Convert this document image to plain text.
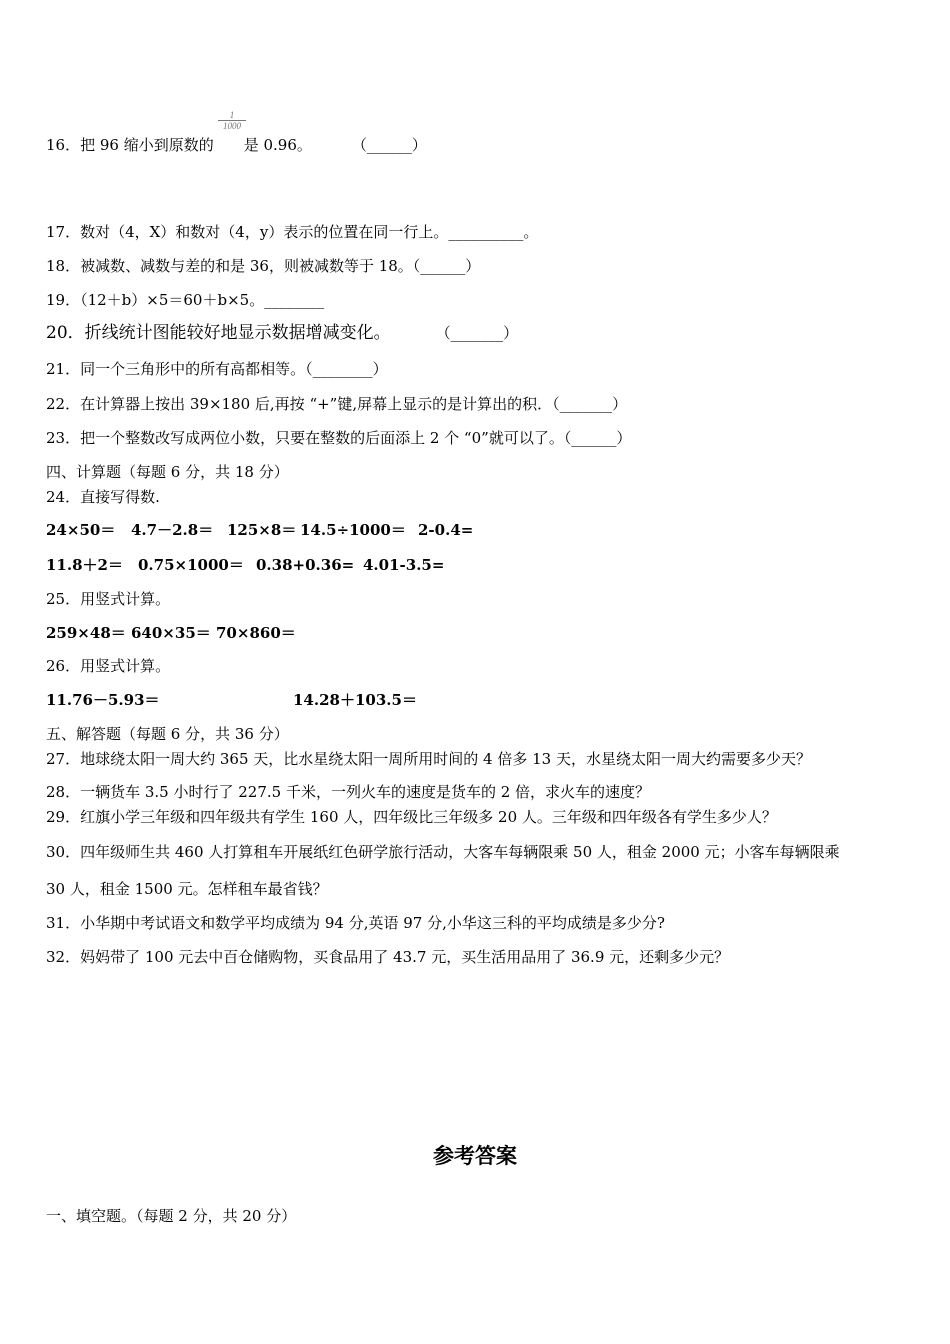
16．把 96 缩小到原数的 是 0.96。	（______）
$\frac{1}{1000}$
17．数对（4，X）和数对（4，y）表示的位置在同一行上。__________。
18．被减数、减数与差的和是 36，则被减数等于 18。（______）
19．（12＋b）×5＝60＋b×5。________
20．折线统计图能较好地显示数据增减变化。	（_______）
21．同一个三角形中的所有高都相等。（________）
22．在计算器上按出 39×180 后,再按 “+”键,屏幕上显示的是计算出的积．（_______）
23．把一个整数改写成两位小数，只要在整数的后面添上 2 个 “0”就可以了。（______）
四、计算题（每题 6 分，共 18 分）
24．直接写得数.
24×50＝ 4.7－2.8＝ 125×8＝ 14.5÷1000＝ 2-0.4=
11.8＋2＝ 0.75×1000＝ 0.38+0.36= 4.01-3.5=
25．用竖式计算。
259×48＝ 640×35＝ 70×860＝
26．用竖式计算。
11.76－5.93＝	14.28＋103.5＝
五、解答题（每题 6 分，共 36 分）
27．地球绕太阳一周大约 365 天，比水星绕太阳一周所用时间的 4 倍多 13 天，水星绕太阳一周大约需要多少天？
28．一辆货车 3.5 小时行了 227.5 千米，一列火车的速度是货车的 2 倍，求火车的速度？
29．红旗小学三年级和四年级共有学生 160 人，四年级比三年级多 20 人。三年级和四年级各有学生多少人？
30．四年级师生共 460 人打算租车开展纸红色研学旅行活动，大客车每辆限乘 50 人，租金 2000 元；小客车每辆限乘
30 人，租金 1500 元。怎样租车最省钱？
31．小华期中考试语文和数学平均成绩为 94 分,英语 97 分,小华这三科的平均成绩是多少分?
32．妈妈带了 100 元去中百仓储购物，买食品用了 43.7 元，买生活用品用了 36.9 元，还剩多少元？
参考答案
一、填空题。（每题 2 分，共 20 分）
